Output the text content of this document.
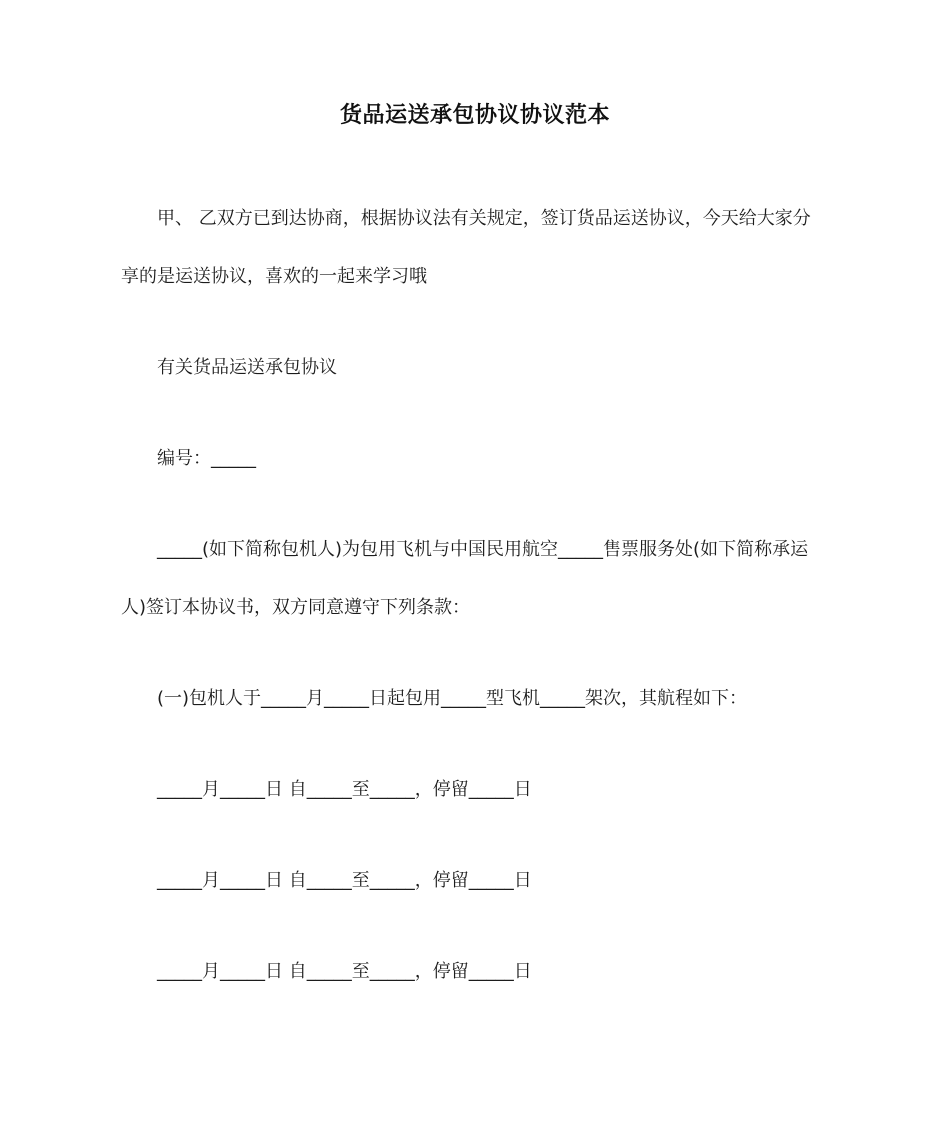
货品运送承包协议协议范本
甲、 乙双方已到达协商，根据协议法有关规定，签订货品运送协议，今天给大家分
享的是运送协议，喜欢的一起来学习哦
有关货品运送承包协议
编号：_____
_____(如下简称包机人)为包用飞机与中国民用航空_____售票服务处(如下简称承运
人)签订本协议书，双方同意遵守下列条款：
(一)包机人于_____月_____日起包用_____型飞机_____架次，其航程如下：
_____月_____日 自_____至_____，停留_____日
_____月_____日 自_____至_____，停留_____日
_____月_____日 自_____至_____，停留_____日
